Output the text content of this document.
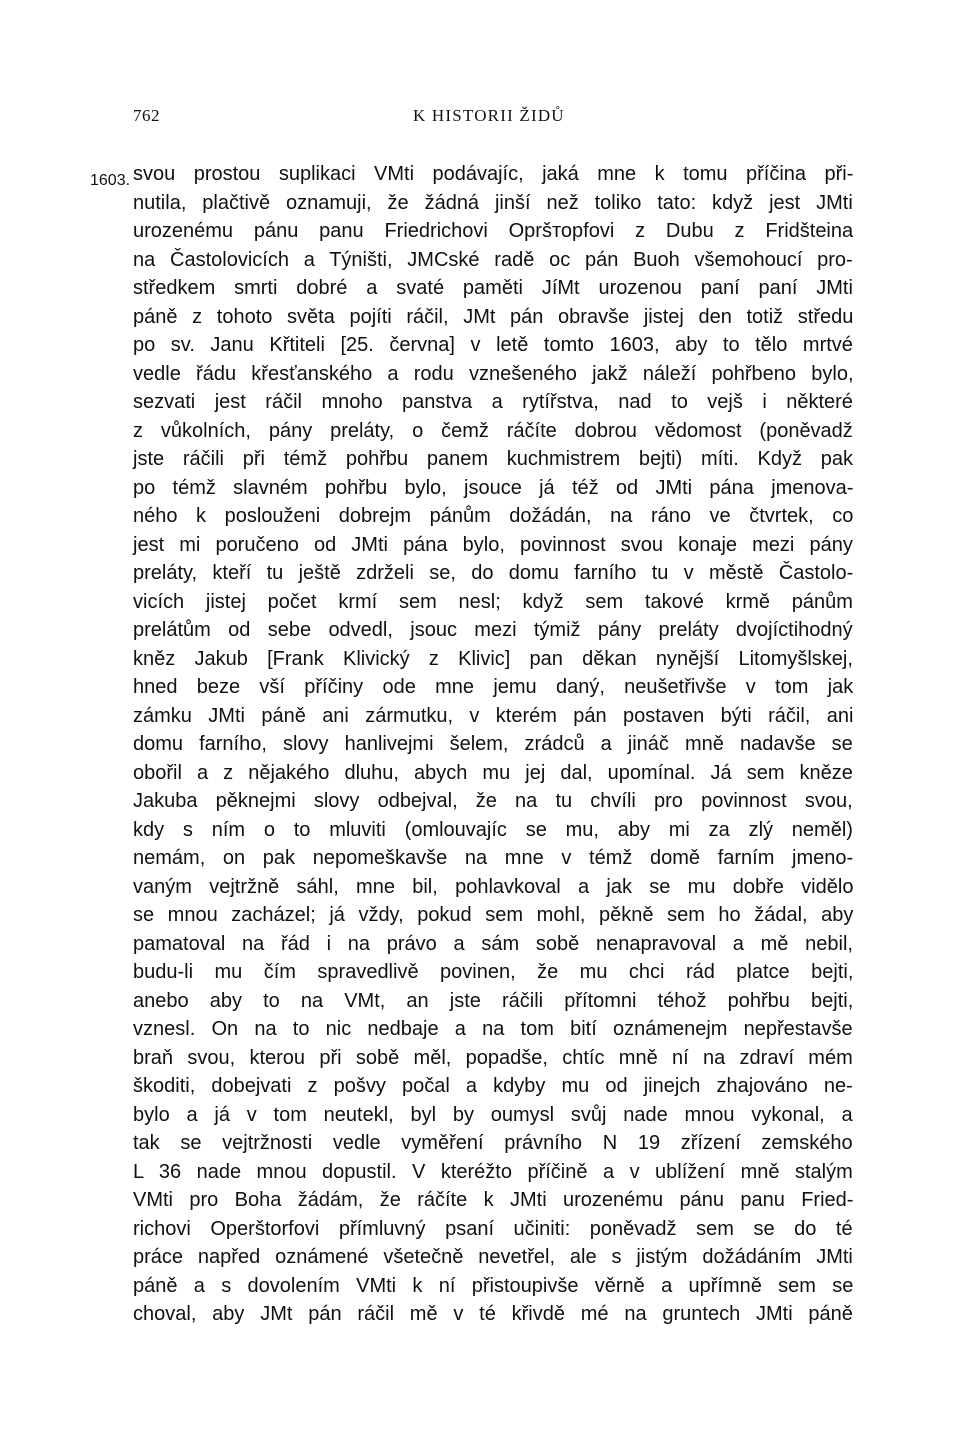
762	K HISTORII ŽIDŮ
1603. svou prostou suplikaci VMti podávajíc, jaká mne k tomu příčina při-
nutila, plačtivě oznamuji, že žádná jinší než toliko tato: když jest JMti
urozenému pánu panu Friedrichovi Opršторfovi z Dubu z Fridšteina
na Častolovicích a Týništi, JMCské radě oc pán Buoh všemohoucí pro-
středkem smrti dobré a svaté paměti JíMt urozenou paní paní JMti
páně z tohoto světa pojíti ráčil, JMt pán obravše jistej den totiž středu
po sv. Janu Křtiteli [25. června] v letě tomto 1603, aby to tělo mrtvé
vedle řádu křesťanského a rodu vznešeného jakž náleží pohřbeno bylo,
sezvati jest ráčil mnoho panstva a rytířstva, nad to vejš i některé
z vůkolních, pány preláty, o čemž ráčíte dobrou vědomost (poněvadž
jste ráčili při témž pohřbu panem kuchmistrem bejti) míti. Když pak
po témž slavném pohřbu bylo, jsouce já též od JMti pána jmenova-
ného k poslouženi dobrejm pánům dožádán, na ráno ve čtvrtek, co
jest mi poručeno od JMti pána bylo, povinnost svou konaje mezi pány
preláty, kteří tu ještě zdrželi se, do domu farního tu v městě Častolo-
vicích jistej počet krmí sem nesl; když sem takové krmě pánům
prelátům od sebe odvedl, jsouc mezi týmiž pány preláty dvojíctihodný
kněz Jakub [Frank Klivický z Klivic] pan děkan nynější Litomyšlskej,
hned beze vší příčiny ode mne jemu daný, neušetřivše v tom jak
zámku JMti páně ani zármutku, v kterém pán postaven býti ráčil, ani
domu farního, slovy hanlivejmi šelem, zrádců a jináč mně nadavše se
obořil a z nějakého dluhu, abych mu jej dal, upomínal. Já sem kněze
Jakuba pěknejmi slovy odbejval, že na tu chvíli pro povinnost svou,
kdy s ním o to mluviti (omlouvajíc se mu, aby mi za zlý neměl)
nemám, on pak nepomeškavše na mne v témž domě farním jmeno-
vaným vejtržně sáhl, mne bil, pohlavkoval a jak se mu dobře vidělo
se mnou zacházel; já vždy, pokud sem mohl, pěkně sem ho žádal, aby
pamatoval na řád i na právo a sám sobě nenapravoval a mě nebil,
budu-li mu čím spravedlivě povinen, že mu chci rád platce bejti,
anebo aby to na VMt, an jste ráčili přítomni téhož pohřbu bejti,
vznesl. On na to nic nedbaje a na tom bití oznámenejm nepřestavše
braň svou, kterou při sobě měl, popadše, chtíc mně ní na zdraví mém
škoditi, dobejvati z pošvy počal a kdyby mu od jinejch zhajováno ne-
bylo a já v tom neutekl, byl by oumysl svůj nade mnou vykonal, a
tak se vejtržnosti vedle vyměření právního N 19 zřízení zemského
L 36 nade mnou dopustil. V kteréžto příčině a v ublížení mně stalým
VMti pro Boha žádám, že ráčíte k JMti urozenému pánu panu Fried-
richovi Operštorfovi přímluvný psaní učiniti: poněvadž sem se do té
práce napřed oznámené všetečně nevetřel, ale s jistým dožádáním JMti
páně a s dovolením VMti k ní přistoupivše věrně a upřímně sem se
choval, aby JMt pán ráčil mě v té křivdě mé na gruntech JMti páně
